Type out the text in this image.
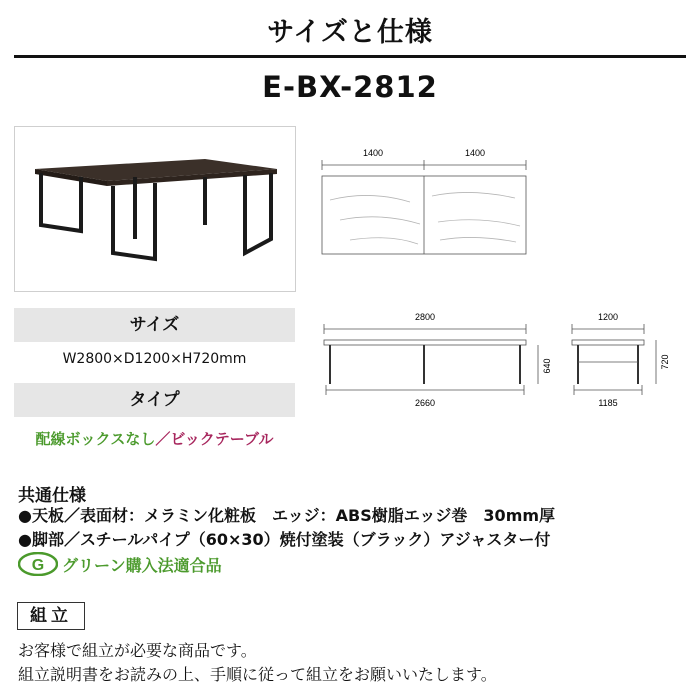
サイズと仕様
E-BX-2812
1400	1400
2800
2660
640
1200
1185
720
サイズ
W2800×D1200×H720mm
タイプ
配線ボックスなし／ビックテーブル
共通仕様
●天板／表面材：メラミン化粧板　エッジ：ABS樹脂エッジ巻　30mm厚
●脚部／スチールパイプ（60×30）焼付塗装（ブラック）アジャスター付
G グリーン購入法適合品
組立
お客様で組立が必要な商品です。
組立説明書をお読みの上、手順に従って組立をお願いいたします。
